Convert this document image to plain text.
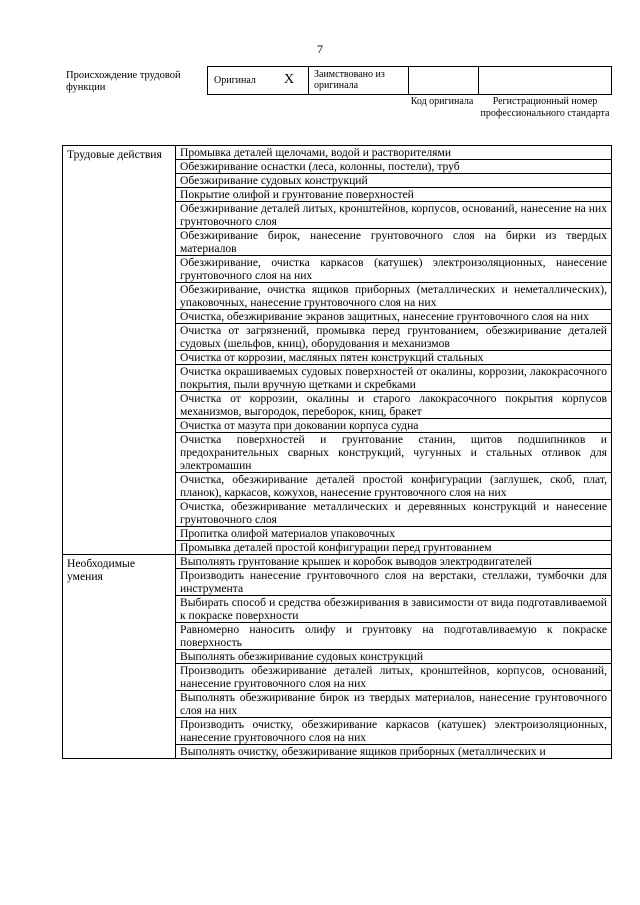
7
Происхождение трудовой функции
Оригинал X Заимствовано из оригинала
Код оригинала	Регистрационный номер профессионального стандарта
Трудовые действия	Промывка деталей щелочами, водой и растворителями
	Обезжиривание оснастки (леса, колонны, постели), труб
	Обезжиривание судовых конструкций
	Покрытие олифой и грунтование поверхностей
	Обезжиривание деталей литых, кронштейнов, корпусов, оснований, нанесение на них грунтовочного слоя
	Обезжиривание бирок, нанесение грунтовочного слоя на бирки из твердых материалов
	Обезжиривание, очистка каркасов (катушек) электроизоляционных, нанесение грунтовочного слоя на них
	Обезжиривание, очистка ящиков приборных (металлических и неметаллических), упаковочных, нанесение грунтовочного слоя на них
	Очистка, обезжиривание экранов защитных, нанесение грунтовочного слоя на них
	Очистка от загрязнений, промывка перед грунтованием, обезжиривание деталей судовых (шельфов, книц), оборудования и механизмов
	Очистка от коррозии, масляных пятен конструкций стальных
	Очистка окрашиваемых судовых поверхностей от окалины, коррозии, лакокрасочного покрытия, пыли вручную щетками и скребками
	Очистка от коррозии, окалины и старого лакокрасочного покрытия корпусов механизмов, выгородок, переборок, книц, бракет
	Очистка от мазута при доковании корпуса судна
	Очистка поверхностей и грунтование станин, щитов подшипников и предохранительных сварных конструкций, чугунных и стальных отливок для электромашин
	Очистка, обезжиривание деталей простой конфигурации (заглушек, скоб, плат, планок), каркасов, кожухов, нанесение грунтовочного слоя на них
	Очистка, обезжиривание металлических и деревянных конструкций и нанесение грунтовочного слоя
	Пропитка олифой материалов упаковочных
	Промывка деталей простой конфигурации перед грунтованием
Необходимые умения	Выполнять грунтование крышек и коробок выводов электродвигателей
	Производить нанесение грунтовочного слоя на верстаки, стеллажи, тумбочки для инструмента
	Выбирать способ и средства обезжиривания в зависимости от вида подготавливаемой к покраске поверхности
	Равномерно наносить олифу и грунтовку на подготавливаемую к покраске поверхность
	Выполнять обезжиривание судовых конструкций
	Производить обезжиривание деталей литых, кронштейнов, корпусов, оснований, нанесение грунтовочного слоя на них
	Выполнять обезжиривание бирок из твердых материалов, нанесение грунтовочного слоя на них
	Производить очистку, обезжиривание каркасов (катушек) электроизоляционных, нанесение грунтовочного слоя на них
	Выполнять очистку, обезжиривание ящиков приборных (металлических и
